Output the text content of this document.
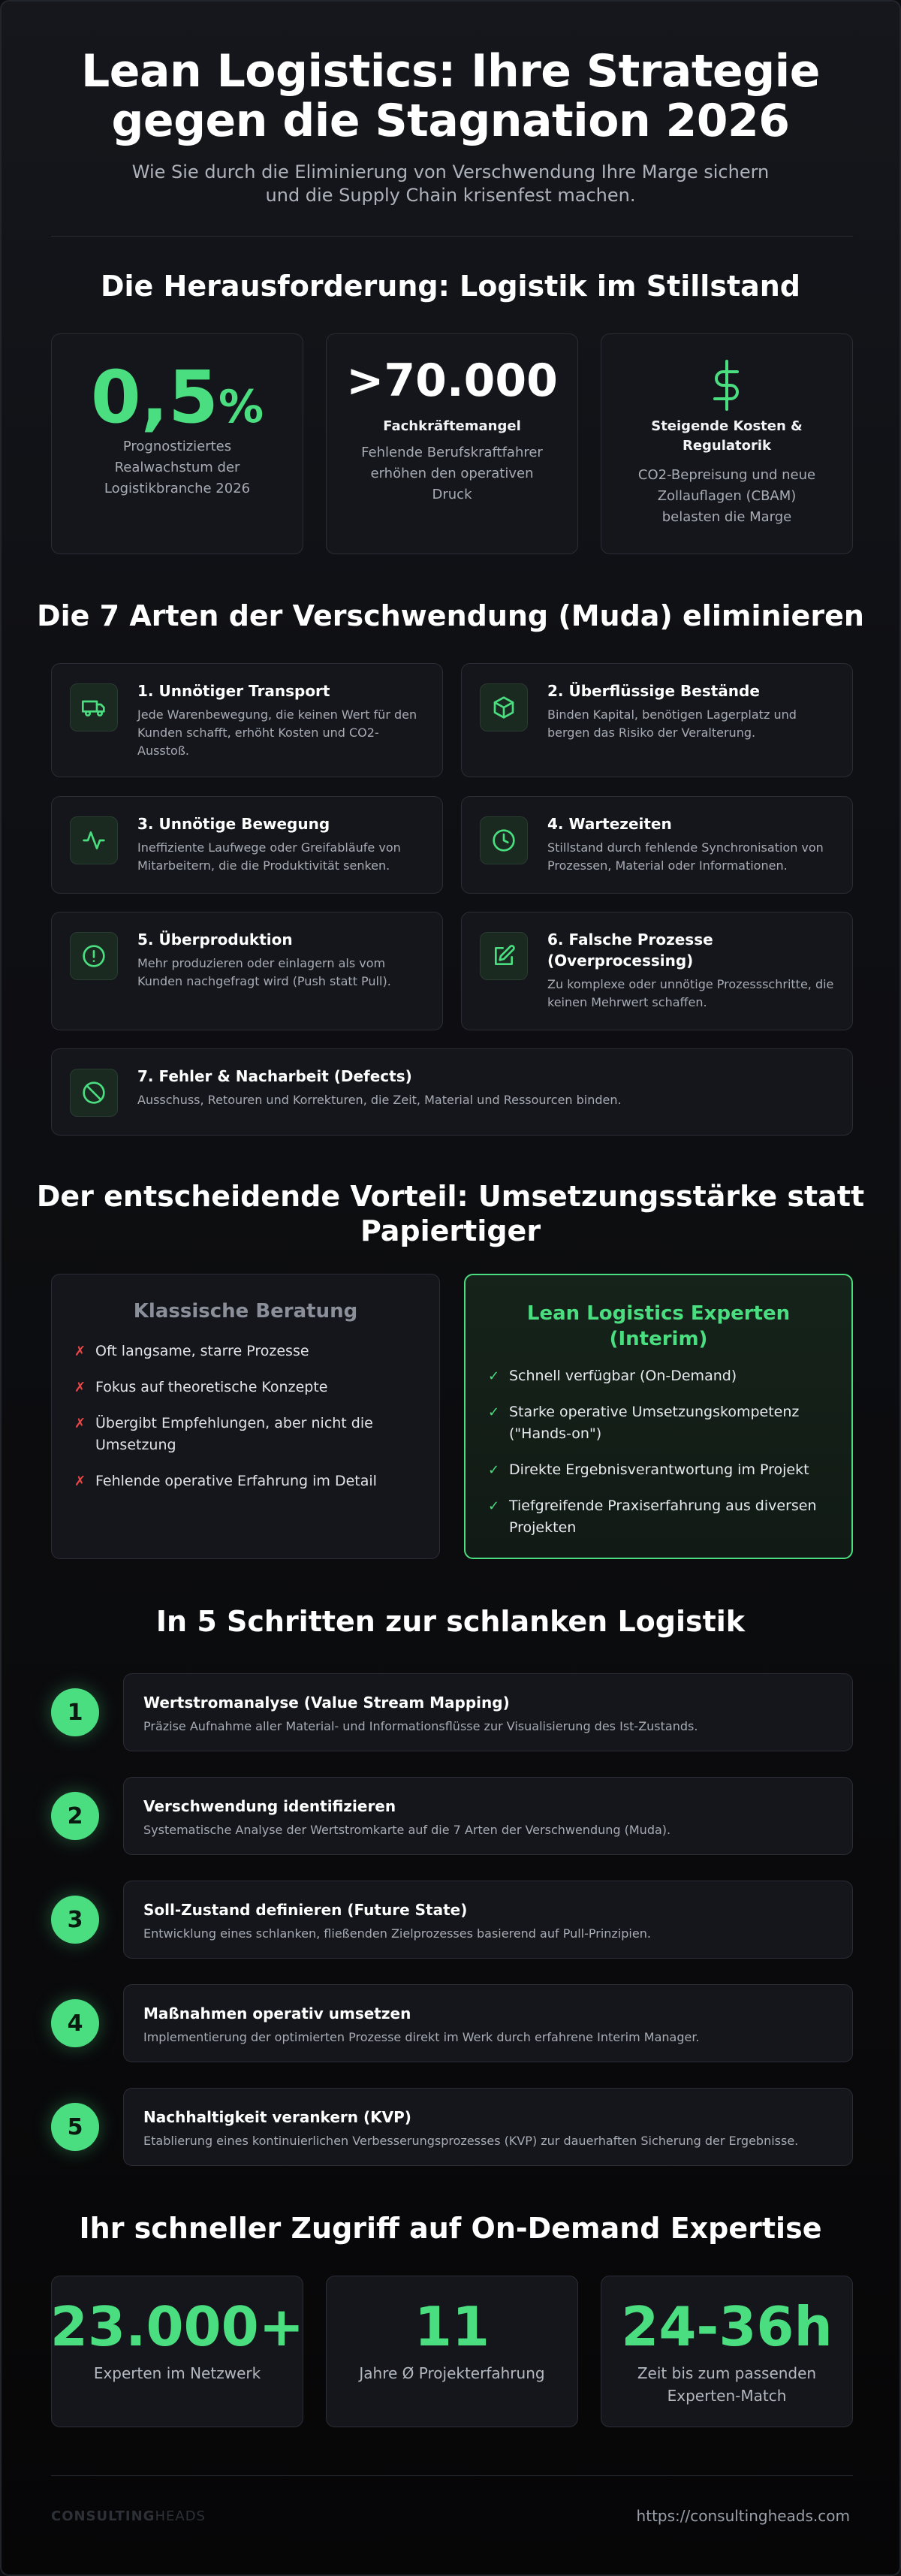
Lean Logistics: Ihre Strategie
gegen die Stagnation 2026

Wie Sie durch die Eliminierung von Verschwendung Ihre Marge sichern
und die Supply Chain krisenfest machen.

Die Herausforderung: Logistik im Stillstand
0,5%
Prognostiziertes Realwachstum der Logistikbranche 2026
>70.000
Fachkräftemangel
Fehlende Berufskraftfahrer erhöhen den operativen Druck
Steigende Kosten & Regulatorik
CO2-Bepreisung und neue Zollauflagen (CBAM) belasten die Marge
Die 7 Arten der Verschwendung (Muda) eliminieren
1. Unnötiger Transport
Jede Warenbewegung, die keinen Wert für den Kunden schafft, erhöht Kosten und CO2-Ausstoß.
2. Überflüssige Bestände
Binden Kapital, benötigen Lagerplatz und bergen das Risiko der Veralterung.
3. Unnötige Bewegung
Ineffiziente Laufwege oder Greifabläufe von Mitarbeitern, die die Produktivität senken.
4. Wartezeiten
Stillstand durch fehlende Synchronisation von Prozessen, Material oder Informationen.
5. Überproduktion
Mehr produzieren oder einlagern als vom Kunden nachgefragt wird (Push statt Pull).
6. Falsche Prozesse (Overprocessing)
Zu komplexe oder unnötige Prozessschritte, die keinen Mehrwert schaffen.
7. Fehler & Nacharbeit (Defects)
Ausschuss, Retouren und Korrekturen, die Zeit, Material und Ressourcen binden.
Der entscheidende Vorteil: Umsetzungsstärke statt
Papiertiger
Klassische Beratung
✗ Oft langsame, starre Prozesse
✗ Fokus auf theoretische Konzepte
✗ Übergibt Empfehlungen, aber nicht die Umsetzung
✗ Fehlende operative Erfahrung im Detail
Lean Logistics Experten
(Interim)
✓ Schnell verfügbar (On-Demand)
✓ Starke operative Umsetzungskompetenz ("Hands-on")
✓ Direkte Ergebnisverantwortung im Projekt
✓ Tiefgreifende Praxiserfahrung aus diversen Projekten
In 5 Schritten zur schlanken Logistik
1	Wertstromanalyse (Value Stream Mapping)
Präzise Aufnahme aller Material- und Informationsflüsse zur Visualisierung des Ist-Zustands.
2	Verschwendung identifizieren
Systematische Analyse der Wertstromkarte auf die 7 Arten der Verschwendung (Muda).
3	Soll-Zustand definieren (Future State)
Entwicklung eines schlanken, fließenden Zielprozesses basierend auf Pull-Prinzipien.
4	Maßnahmen operativ umsetzen
Implementierung der optimierten Prozesse direkt im Werk durch erfahrene Interim Manager.
5	Nachhaltigkeit verankern (KVP)
Etablierung eines kontinuierlichen Verbesserungsprozesses (KVP) zur dauerhaften Sicherung der Ergebnisse.
Ihr schneller Zugriff auf On-Demand Expertise
23.000+
Experten im Netzwerk
11
Jahre Ø Projekterfahrung
24-36h
Zeit bis zum passenden Experten-Match
CONSULTINGHEADS	https://consultingheads.com
